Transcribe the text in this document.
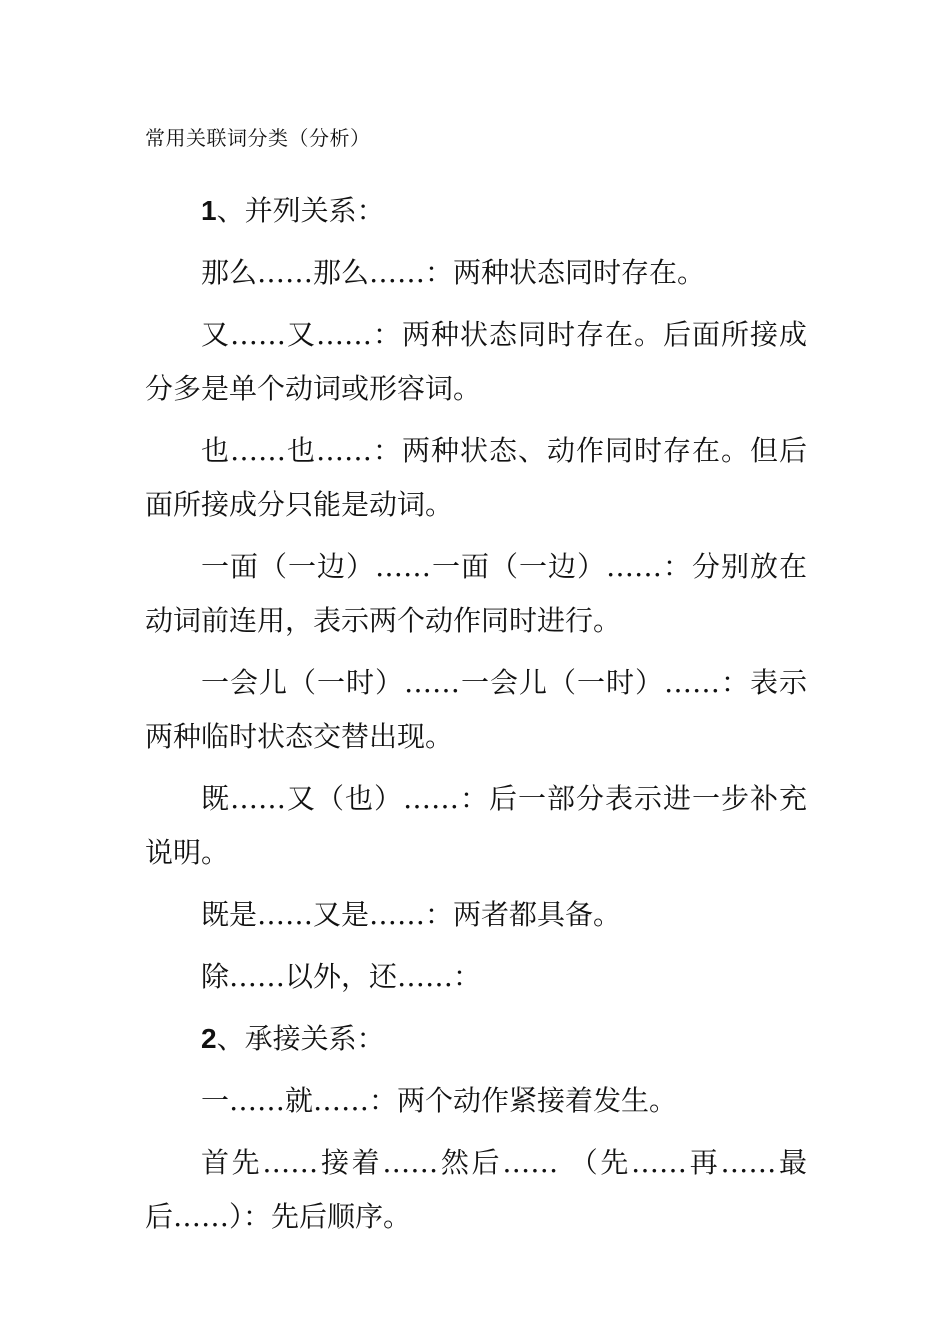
常用关联词分类（分析）
1、并列关系：

那么……那么……：两种状态同时存在。

又……又……：两种状态同时存在。后面所接成分多是单个动词或形容词。

也……也……：两种状态、动作同时存在。但后面所接成分只能是动词。

一面（一边）……一面（一边）……：分别放在动词前连用，表示两个动作同时进行。

一会儿（一时）……一会儿（一时）……：表示两种临时状态交替出现。

既……又（也）……：后一部分表示进一步补充说明。

既是……又是……：两者都具备。

除……以外，还……：

2、承接关系：

一……就……：两个动作紧接着发生。

首先……接着……然后…… （先……再……最后……）：先后顺序。
